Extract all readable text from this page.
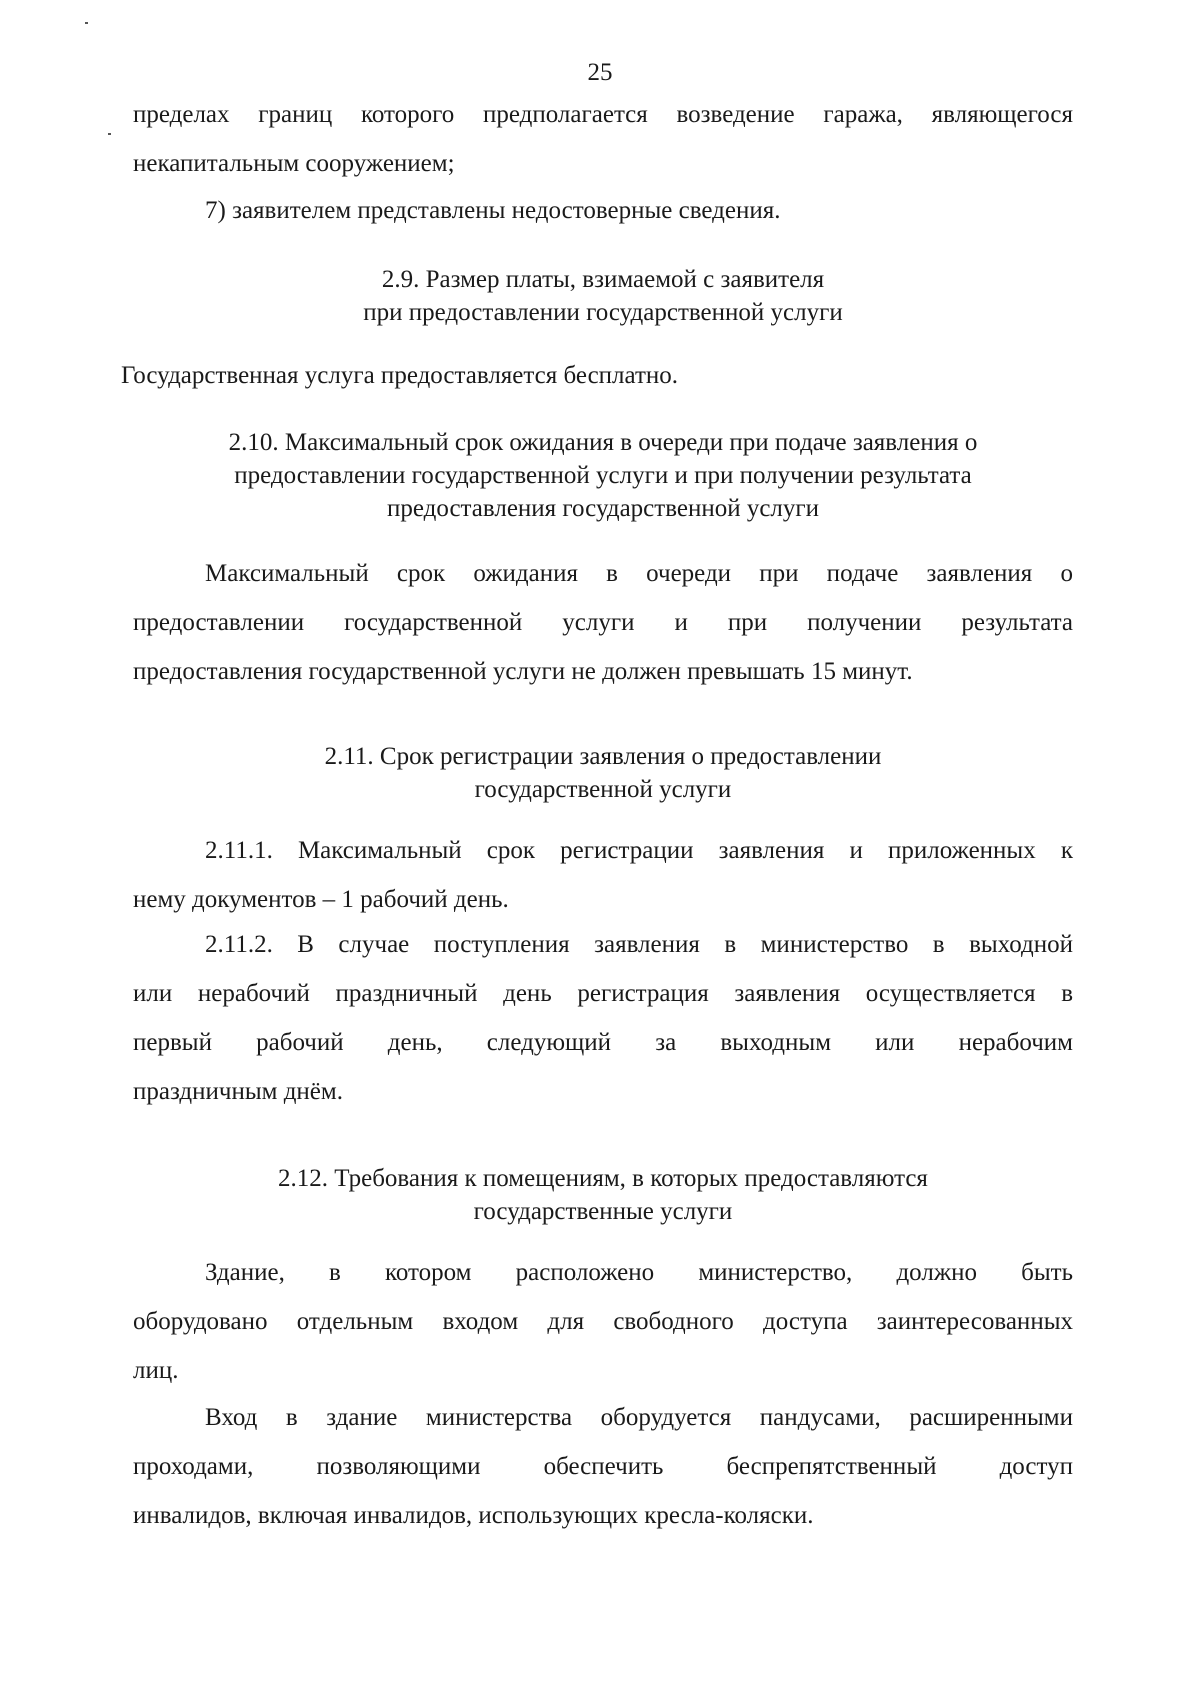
25
пределах границ которого предполагается возведение гаража, являющегося
некапитальным сооружением;
7) заявителем представлены недостоверные сведения.
2.9. Размер платы, взимаемой с заявителя
при предоставлении государственной услуги
Государственная услуга предоставляется бесплатно.
2.10. Максимальный срок ожидания в очереди при подаче заявления о
предоставлении государственной услуги и при получении результата
предоставления государственной услуги
Максимальный срок ожидания в очереди при подаче заявления о
предоставлении государственной услуги и при получении результата
предоставления государственной услуги не должен превышать 15 минут.
2.11. Срок регистрации заявления о предоставлении
государственной услуги
2.11.1. Максимальный срок регистрации заявления и приложенных к
нему документов – 1 рабочий день.
2.11.2. В случае поступления заявления в министерство в выходной
или нерабочий праздничный день регистрация заявления осуществляется в
первый рабочий день, следующий за выходным или нерабочим
праздничным днём.
2.12. Требования к помещениям, в которых предоставляются
государственные услуги
Здание, в котором расположено министерство, должно быть
оборудовано отдельным входом для свободного доступа заинтересованных
лиц.
Вход в здание министерства оборудуется пандусами, расширенными
проходами, позволяющими обеспечить беспрепятственный доступ
инвалидов, включая инвалидов, использующих кресла-коляски.
